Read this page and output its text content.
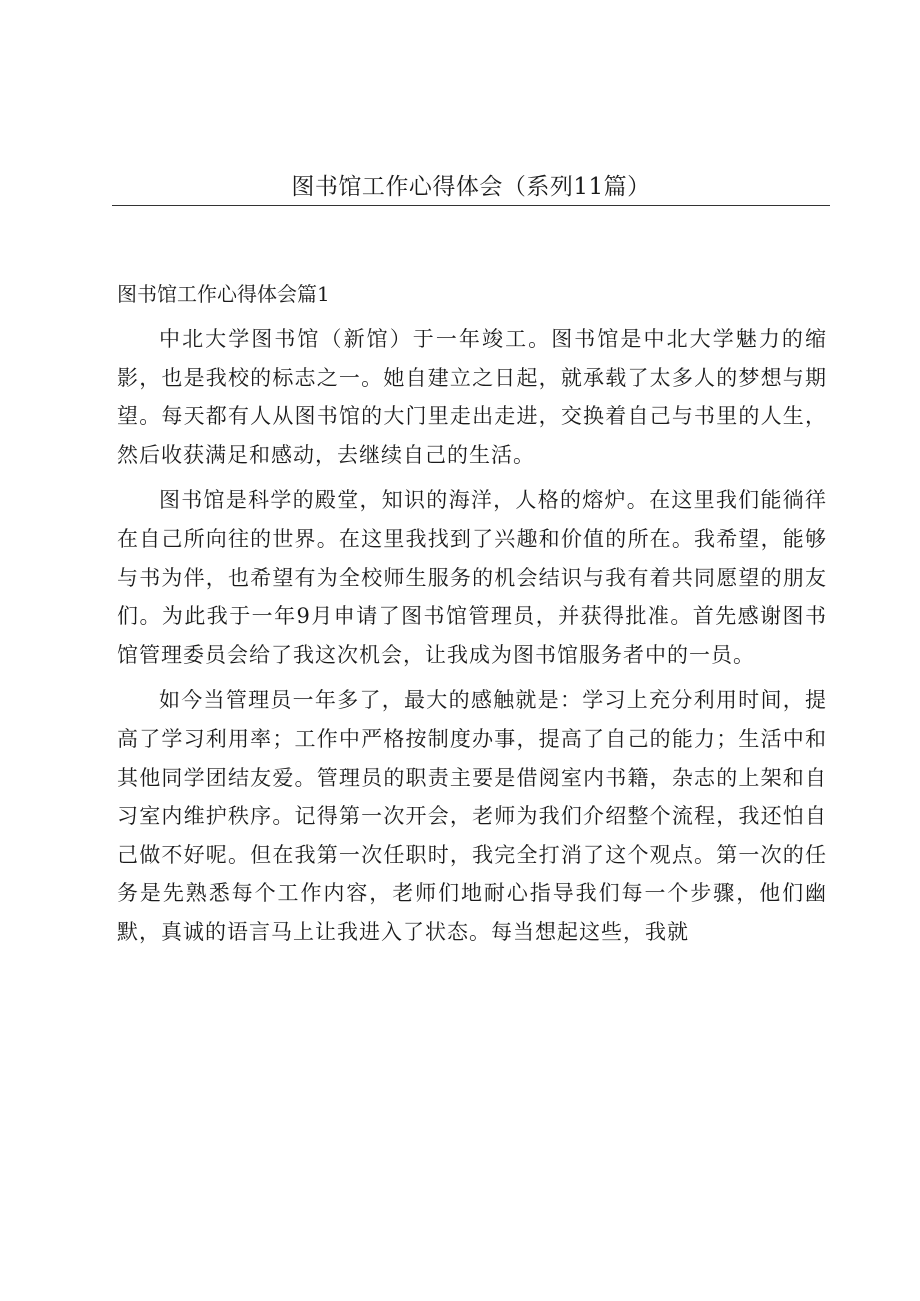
图书馆工作心得体会（系列11篇）
图书馆工作心得体会篇1

中北大学图书馆（新馆）于一年竣工。图书馆是中北大学魅力的缩影，也是我校的标志之一。她自建立之日起，就承载了太多人的梦想与期望。每天都有人从图书馆的大门里走出走进，交换着自己与书里的人生，然后收获满足和感动，去继续自己的生活。

图书馆是科学的殿堂，知识的海洋，人格的熔炉。在这里我们能徜徉在自己所向往的世界。在这里我找到了兴趣和价值的所在。我希望，能够与书为伴，也希望有为全校师生服务的机会结识与我有着共同愿望的朋友们。为此我于一年9月申请了图书馆管理员，并获得批准。首先感谢图书馆管理委员会给了我这次机会，让我成为图书馆服务者中的一员。

如今当管理员一年多了，最大的感触就是：学习上充分利用时间，提高了学习利用率；工作中严格按制度办事，提高了自己的能力；生活中和其他同学团结友爱。管理员的职责主要是借阅室内书籍，杂志的上架和自习室内维护秩序。记得第一次开会，老师为我们介绍整个流程，我还怕自己做不好呢。但在我第一次任职时，我完全打消了这个观点。第一次的任务是先熟悉每个工作内容，老师们地耐心指导我们每一个步骤，他们幽默，真诚的语言马上让我进入了状态。每当想起这些，我就
